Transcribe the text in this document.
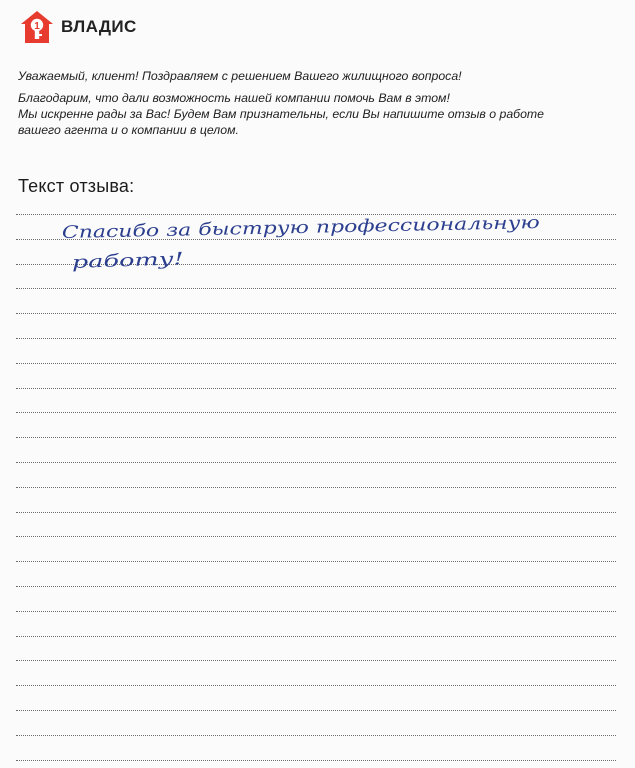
1 ВЛАДИС

Уважаемый, клиент! Поздравляем с решением Вашего жилищного вопроса!

Благодарим, что дали возможность нашей компании помочь Вам в этом!
Мы искренне рады за Вас! Будем Вам признательны, если Вы напишите отзыв о работе
вашего агента и о компании в целом.

Текст отзыва:
Спасибо за быструю профессиональную
работу!
